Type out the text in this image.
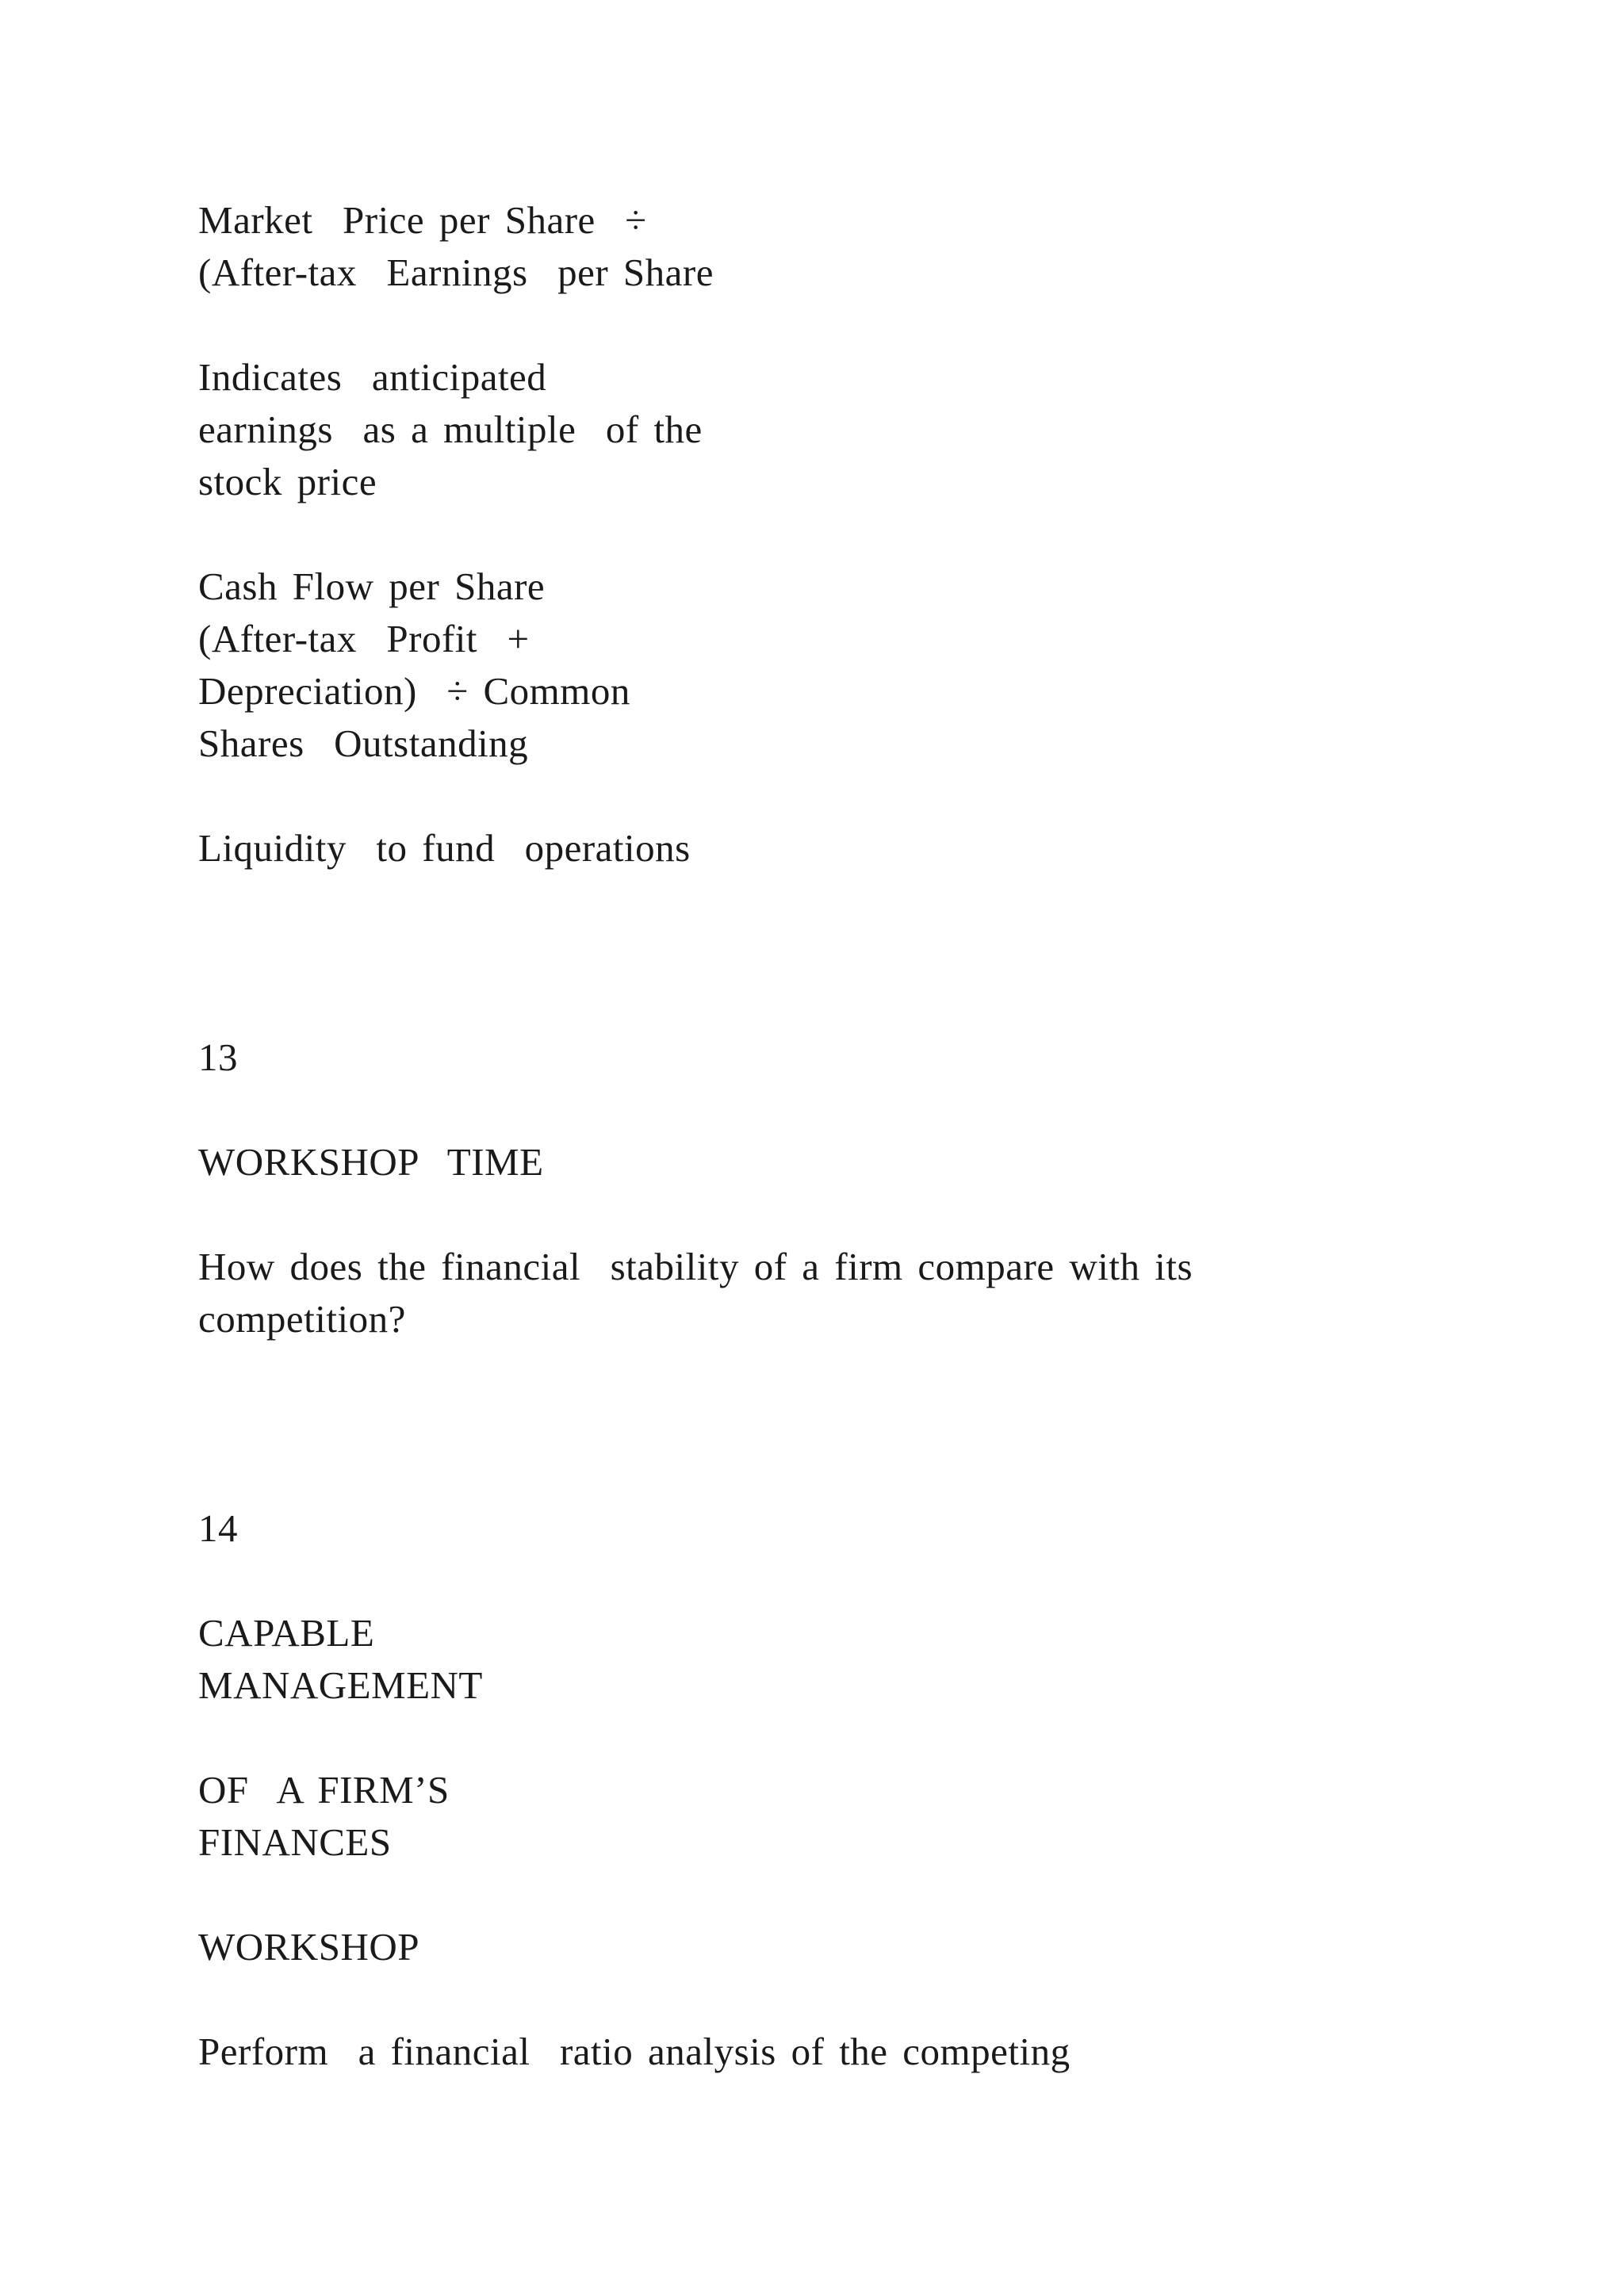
Market  Price per Share  ÷
(After-tax  Earnings  per Share
Indicates  anticipated
earnings  as a multiple  of the
stock price
Cash Flow per Share
(After-tax  Profit  +
Depreciation)  ÷ Common
Shares  Outstanding
Liquidity  to fund  operations
13
WORKSHOP  TIME
How does the financial  stability of a firm compare with its
competition?
14
CAPABLE
MANAGEMENT
OF  A FIRM’S
FINANCES
WORKSHOP
Perform  a financial  ratio analysis of the competing
